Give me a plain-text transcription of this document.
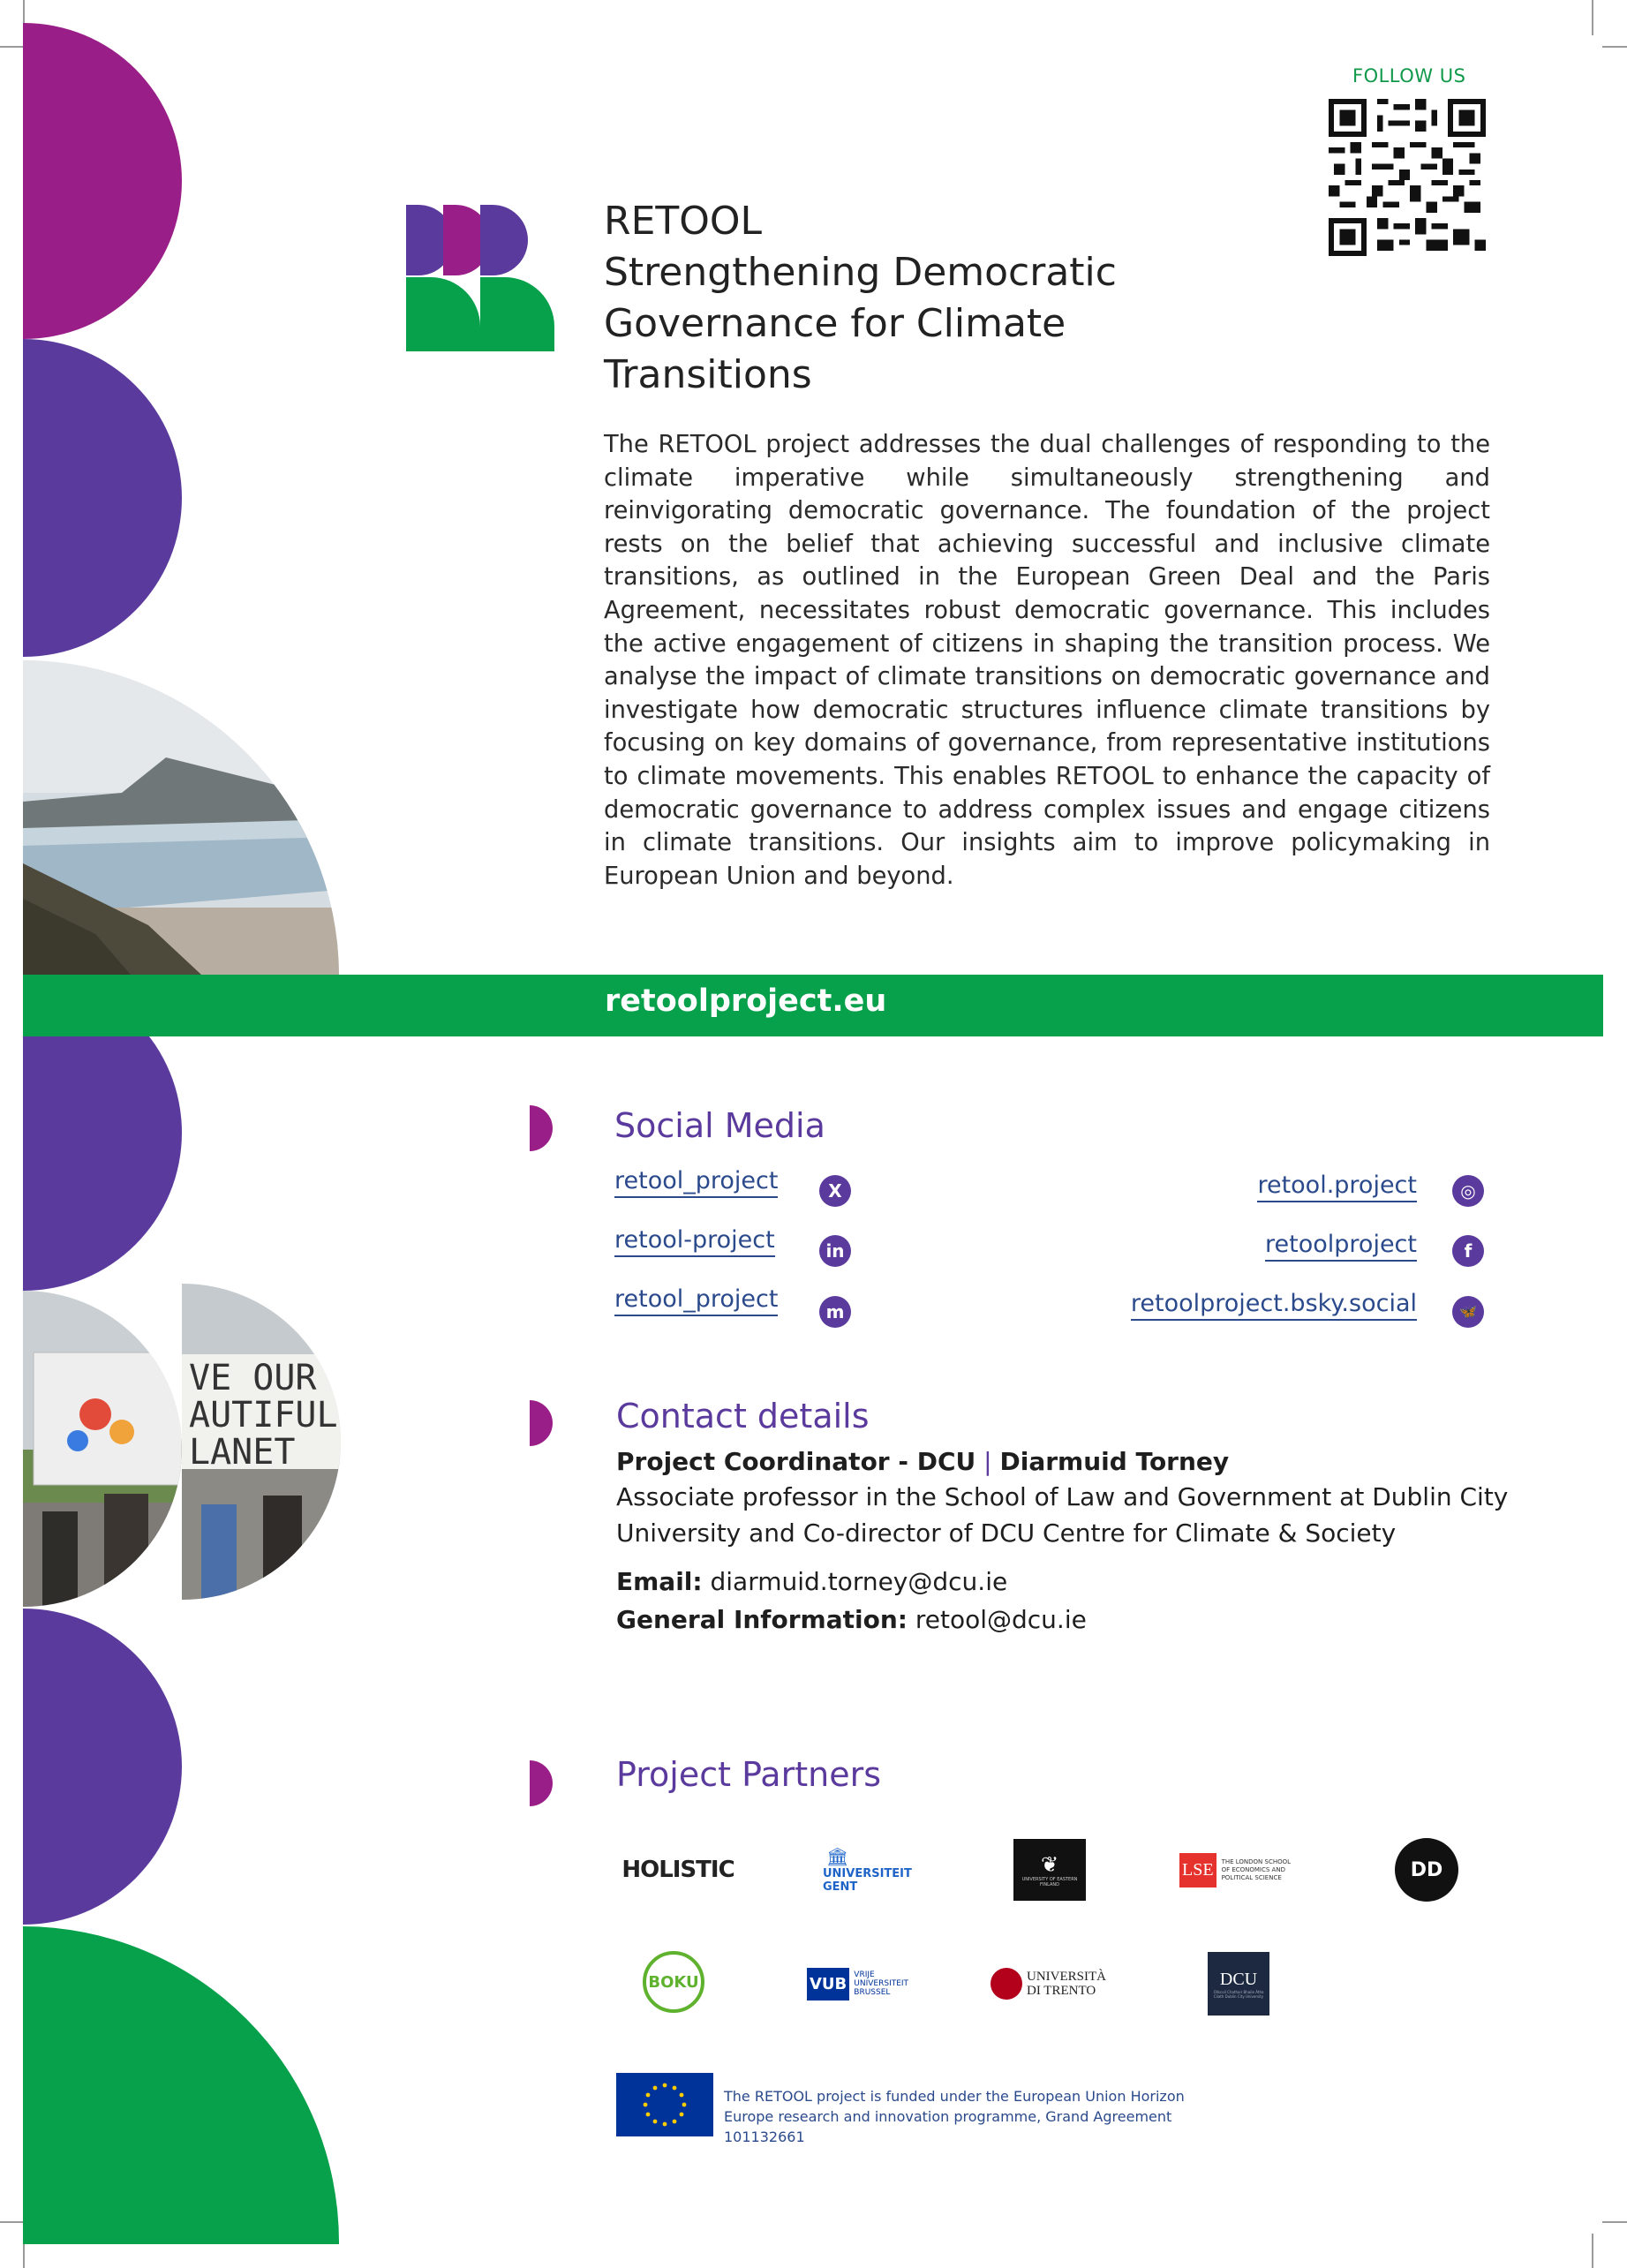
VE OUR
AUTIFUL
LANET
RETOOL
Strengthening Democratic
Governance for Climate
Transitions
The RETOOL project addresses the dual challenges of responding to the climate imperative while simultaneously strengthening and reinvigorating democratic governance. The foundation of the project rests on the belief that achieving successful and inclusive climate transitions, as outlined in the European Green Deal and the Paris Agreement, necessitates robust democratic governance. This includes the active engagement of citizens in shaping the transition process. We analyse the impact of climate transitions on democratic governance and investigate how democratic structures influence climate transitions by focusing on key domains of governance, from representative institutions to climate movements. This enables RETOOL to enhance the capacity of democratic governance to address complex issues and engage citizens in climate transitions. Our insights aim to improve policymaking in European Union and beyond.
FOLLOW US
retoolproject.eu
Social Media
retool_project	X
retool-project	in
retool_project	m
retool.project	◎
retoolproject	f
retoolproject.bsky.social	🦋
Contact details
Project Coordinator - DCU | Diarmuid Torney
Associate professor in the School of Law and Government at Dublin City University and Co-director of DCU Centre for Climate & Society
Email: diarmuid.torney@dcu.ie
General Information: retool@dcu.ie
Project Partners
HOLISTIC	🏛
UNIVERSITEIT
GENT
❦
UNIVERSITY OF EASTERN FINLAND
LSE	THE LONDON SCHOOL OF ECONOMICS AND POLITICAL SCIENCE	DD
BOKU	VUB VRIJE
UNIVERSITEIT
BRUSSEL
UNIVERSITÀ
DI TRENTO
DCU
Ollscoil Chathair Bhaile Átha Cliath Dublin City University
The RETOOL project is funded under the European Union Horizon Europe research and innovation programme, Grand Agreement 101132661
